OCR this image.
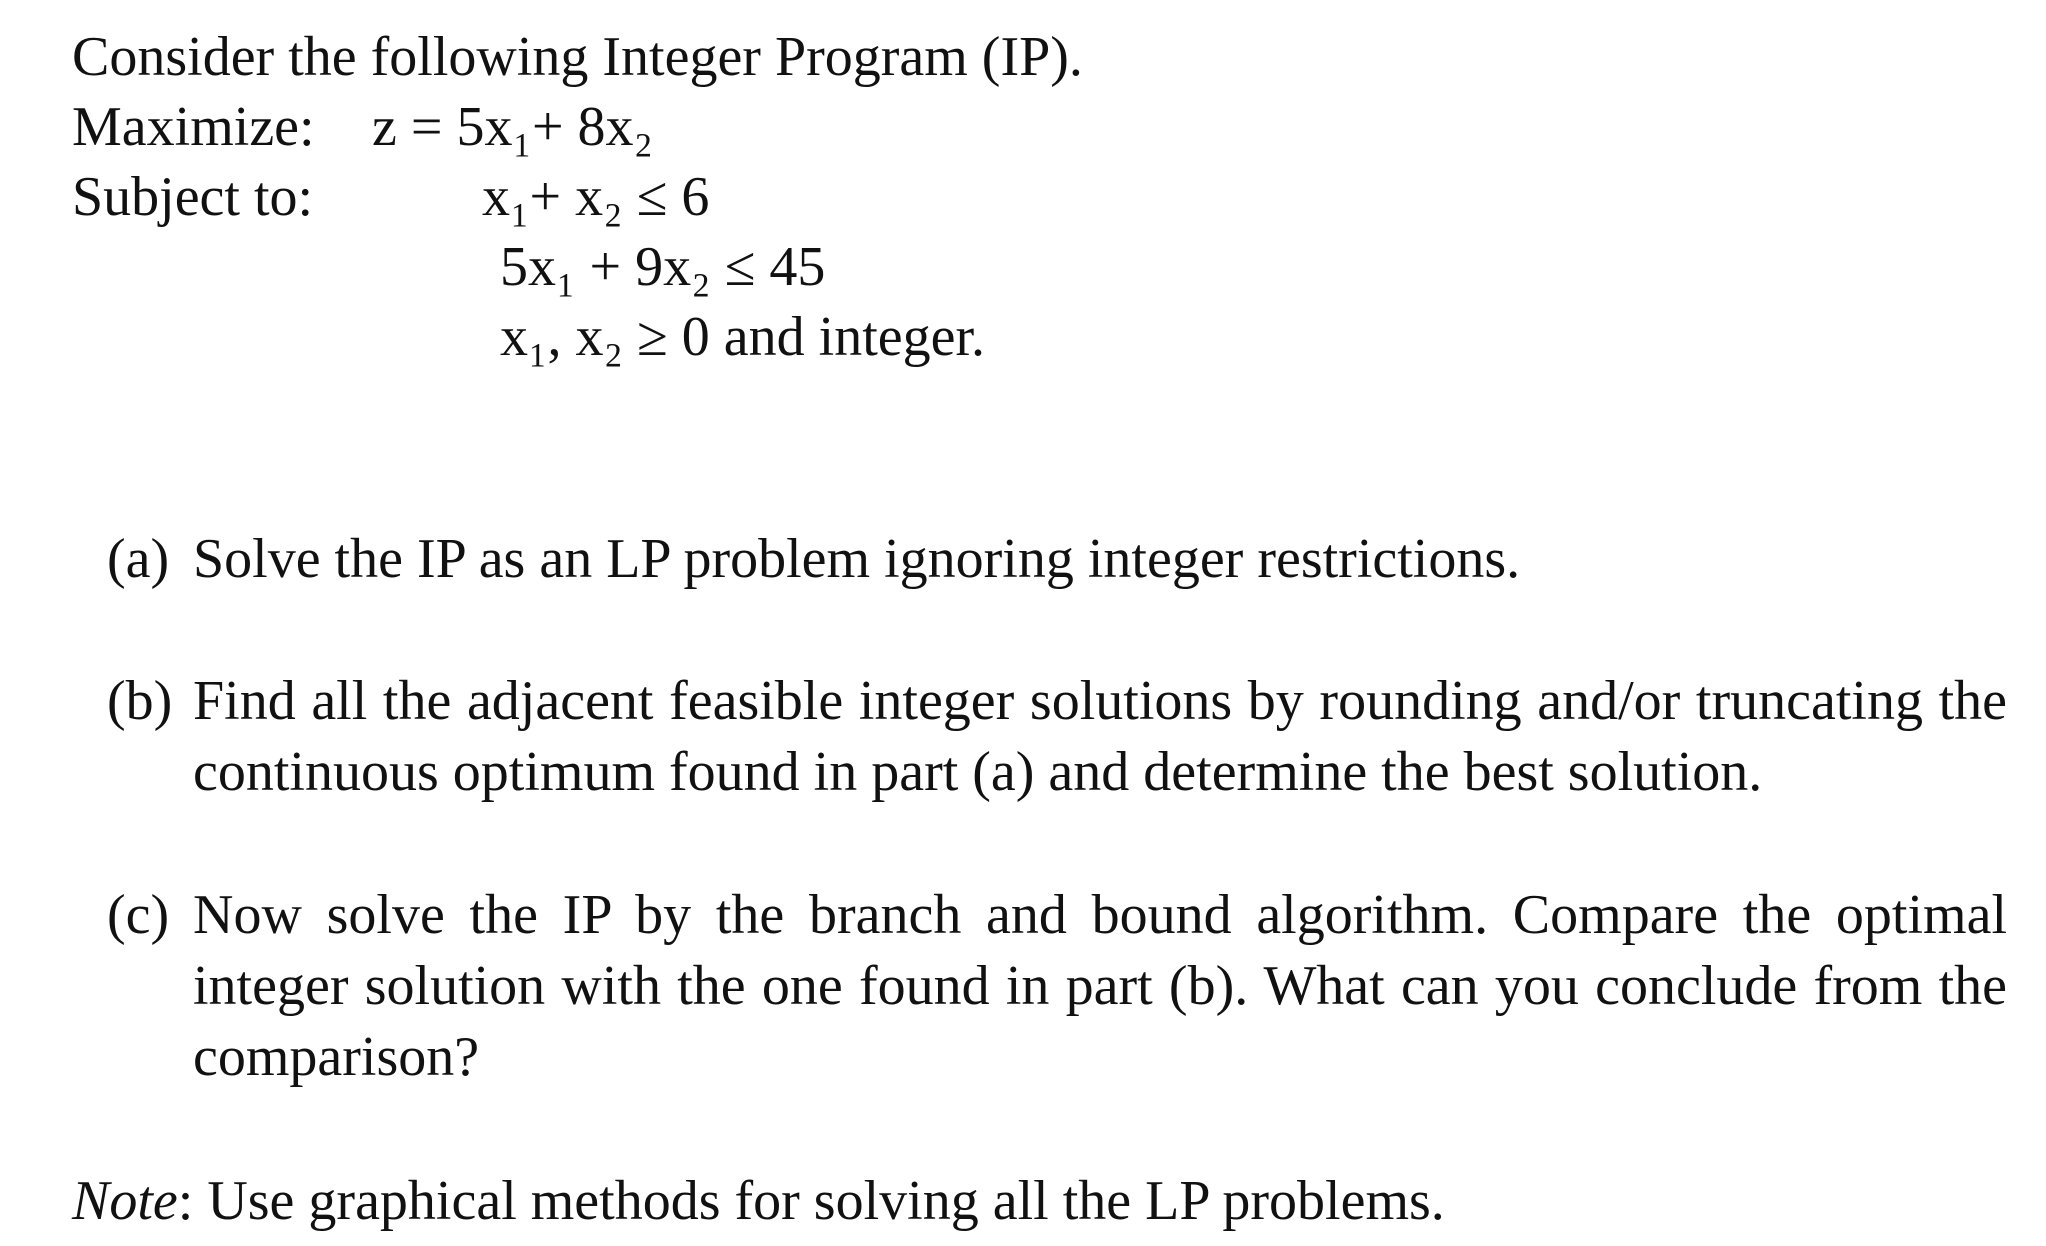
Consider the following Integer Program (IP).
Maximize: z = 5x₁+ 8x₂
Subject to:	x₁+ x₂ ≤ 6
5x₁ + 9x₂ ≤ 45
x₁, x₂ ≥ 0 and integer.
(a) Solve the IP as an LP problem ignoring integer restrictions.
(b) Find all the adjacent feasible integer solutions by rounding and/or truncating the continuous optimum found in part (a) and determine the best solution.
(c) Now solve the IP by the branch and bound algorithm. Compare the optimal integer solution with the one found in part (b). What can you conclude from the comparison?
Note: Use graphical methods for solving all the LP problems.
